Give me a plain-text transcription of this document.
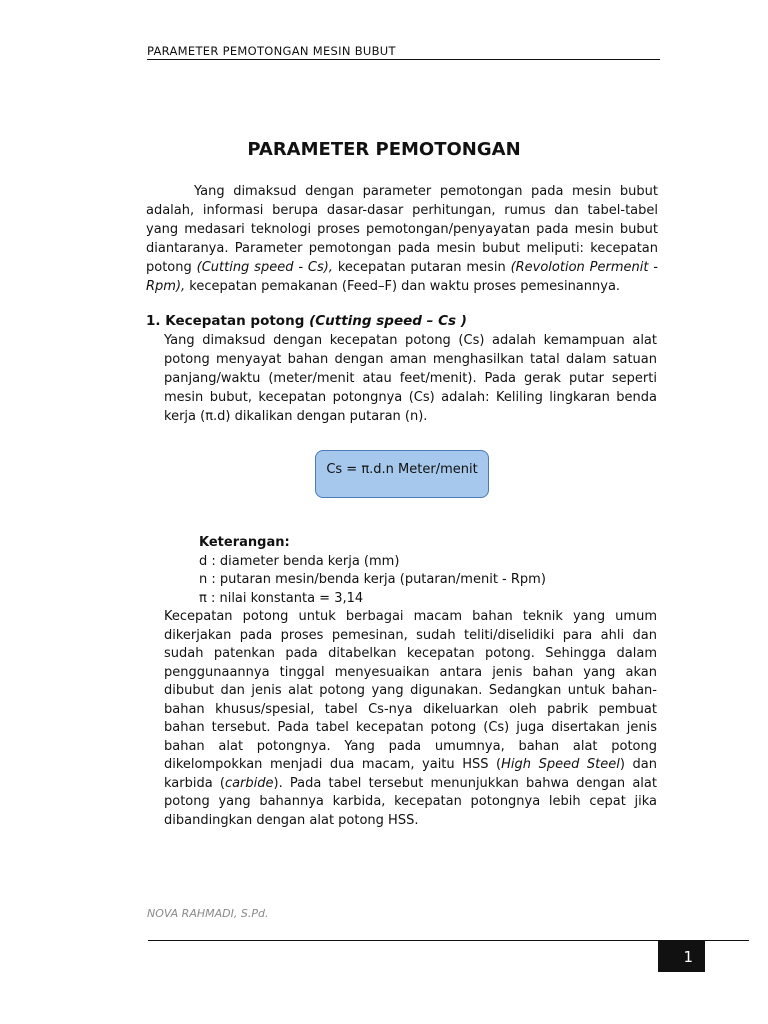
PARAMETER PEMOTONGAN MESIN BUBUT
PARAMETER PEMOTONGAN

Yang dimaksud dengan parameter pemotongan pada mesin bubut adalah, informasi berupa dasar-dasar perhitungan, rumus dan tabel-tabel yang medasari teknologi proses pemotongan/penyayatan pada mesin bubut diantaranya. Parameter pemotongan pada mesin bubut meliputi: kecepatan potong (Cutting speed - Cs), kecepatan putaran mesin (Revolotion Permenit - Rpm), kecepatan pemakanan (Feed–F) dan waktu proses pemesinannya.

1. Kecepatan potong (Cutting speed – Cs )

Yang dimaksud dengan kecepatan potong (Cs) adalah kemampuan alat potong menyayat bahan dengan aman menghasilkan tatal dalam satuan panjang/waktu (meter/menit atau feet/menit). Pada gerak putar seperti mesin bubut, kecepatan potongnya (Cs) adalah: Keliling lingkaran benda kerja (π.d) dikalikan dengan putaran (n).

Cs = π.d.n Meter/menit
Keterangan:
d : diameter benda kerja (mm)
n : putaran mesin/benda kerja (putaran/menit - Rpm)
π : nilai konstanta = 3,14

Kecepatan potong untuk berbagai macam bahan teknik yang umum dikerjakan pada proses pemesinan, sudah teliti/diselidiki para ahli dan sudah patenkan pada ditabelkan kecepatan potong. Sehingga dalam penggunaannya tinggal menyesuaikan antara jenis bahan yang akan dibubut dan jenis alat potong yang digunakan. Sedangkan untuk bahan-bahan khusus/spesial, tabel Cs-nya dikeluarkan oleh pabrik pembuat bahan tersebut. Pada tabel kecepatan potong (Cs) juga disertakan jenis bahan alat potongnya. Yang pada umumnya, bahan alat potong dikelompokkan menjadi dua macam, yaitu HSS (High Speed Steel) dan karbida (carbide). Pada tabel tersebut menunjukkan bahwa dengan alat potong yang bahannya karbida, kecepatan potongnya lebih cepat jika dibandingkan dengan alat potong HSS.

NOVA RAHMADI, S.Pd.
1
